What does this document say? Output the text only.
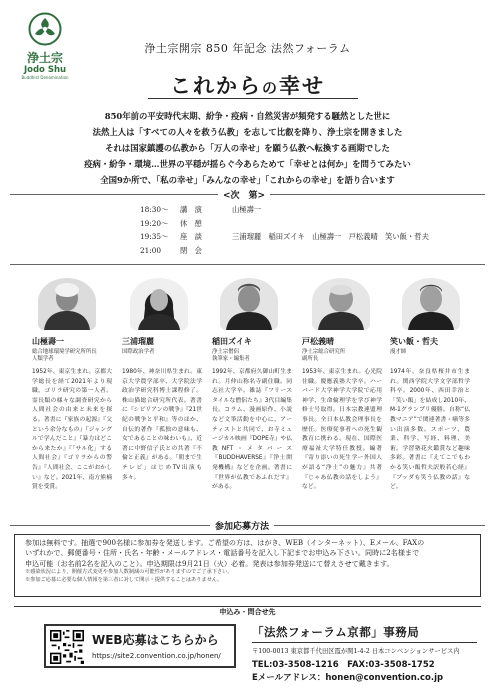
浄土宗
Jodo Shu
Buddhist Denomination
浄土宗開宗 850 年記念 法然フォーラム
これからの幸せ
850年前の平安時代末期、紛争・疫病・自然災害が頻発する騒然とした世に
法然上人は「すべての人々を救う仏教」を志して比叡を降り、浄土宗を開きました
それは国家鎮護の仏教から「万人の幸せ」を願う仏教へ転換する画期でした
疫病・紛争・環境…世界の平穏が揺らぐ今あらためて「幸せとは何か」を問うてみたい
全国9か所で、「私の幸せ」「みんなの幸せ」「これからの幸せ」を語り合います
<次　第>
18:30〜 講　演	山極壽一
19:20〜 休　憩
19:35〜 座　談	三浦瑠麗　稲田ズイキ　山極壽一　戸松義晴　笑い飯・哲夫
21:00	閉　会
山極壽一
総合地球環境学研究所所長
人類学者
1952年、東京生まれ。京都大学総長を経て2021年より現職。ゴリラ研究の第一人者。霊長類の様々な調査研究から人間社会の由来と未来を探る。著書に『家族の起源』『父という余分なもの』『ジャングルで学んだこと』『暴力はどこから来たか』『「サル化」する人間社会』『ゴリラからの警告』『人間社会、ここがおかしい』など。2021年、南方熊楠賞を受賞。
三浦瑠麗
国際政治学者
1980年、神奈川県生まれ。東京大学農学部卒、大学院法学政治学研究科博士課程修了。株山猫総合研究所代表。著書に『シビリアンの戦争』『21世紀の戦争と平和』等のほか、自伝的著作『孤独の意味も、女であることの味わいも』、近著に中野信子氏との共著『不倫と正義』がある。「朝まで生テレビ」はじめTV出演も多々。
稲田ズイキ
浄土宗僧侶
執筆家・編集者
1992年、京都府久御山町生まれ。月仲山称名寺副住職。同志社大学卒。雑誌『フリースタイルな僧侶たち』3代目編集長。コラム、漫画原作、小説など文筆活動を中心に、アーティストと共同で、お寺ミュージカル映画『DOPE寺』や仏教NFT・メタバース『BUDDHAVERSE』『浄土開発機構』などを企画。著書に『世界が仏教であふれだす』がある。
戸松義晴
浄土宗総合研究所
副所長
1953年、東京生まれ。心光院住職。慶應義塾大学卒。ハーバード大学神学大学院で応用神学、生命倫理学を学び神学修士号取得。日本宗教連盟理事長。全日本仏教会理事長を歴任。医療従事者への死生観教育に携わる。現在、国際医療福祉大学特任教授。編著『寄り添いの死生学ー外国人が語る“浄土”の魅力』共著『じゃあ仏教の話をしよう』など。
笑い飯・哲夫
漫才師
1974年、奈良県桜井市生まれ。関西学院大学文学部哲学科卒。2000年、西田幸治と「笑い飯」を結成し2010年、M-1グランプリ優勝。自称“仏教マニア”で関連著書・噺等多い出演多数。スポーツ、農業、科学、写経、料理、美術。学習塾花火鑑賞など趣味多彩。著書に『えてこでもわかる笑い飯哲夫訳般若心経』『ブッダも笑う仏教の話』など。
参加応募方法
参加は無料です。抽選で900名様に参加券を発送します。ご希望の方は、はがき、WEB（インターネット）、Eメール、FAXの
いずれかで、郵便番号・住所・氏名・年齢・メールアドレス・電話番号を記入し下記までお申込み下さい。同時に2名様まで
申込可能（お名前2名を記入のこと）。申込期限は9月21日（火）必着。発表は参加券発送にて替えさせて戴きます。
※感染状況により、開催方式変更や参加人数制減の可能性がありますのでご了承下さい。
※参加ご応募に必要な個人情報を第三者に対して開示・提供することはありません。
申込み・問合せ先
WEB応募はこちらから
https://site2.convention.co.jp/honen/
「法然フォーラム京都」事務局
〒100-0013 東京都千代田区霞が関1-4-2 日本コンベンションサービス内
TEL:03-3508-1216　FAX:03-3508-1752
Eメールアドレス：honen@convention.co.jp
